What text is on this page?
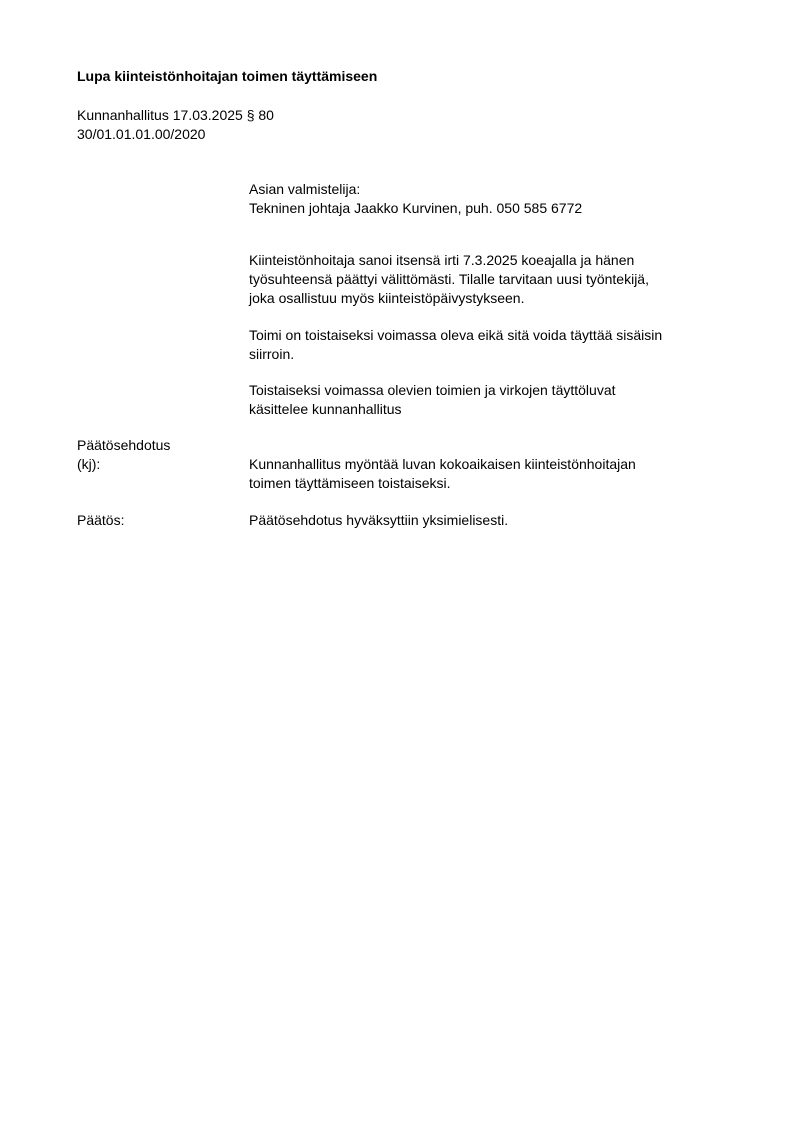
Lupa kiinteistönhoitajan toimen täyttämiseen
Kunnanhallitus 17.03.2025 § 80
30/01.01.01.00/2020
Asian valmistelija:
Tekninen johtaja Jaakko Kurvinen, puh. 050 585 6772
Kiinteistönhoitaja sanoi itsensä irti 7.3.2025 koeajalla ja hänen
työsuhteensä päättyi välittömästi. Tilalle tarvitaan uusi työntekijä,
joka osallistuu myös kiinteistöpäivystykseen.
Toimi on toistaiseksi voimassa oleva eikä sitä voida täyttää sisäisin
siirroin.
Toistaiseksi voimassa olevien toimien ja virkojen täyttöluvat
käsittelee kunnanhallitus
Päätösehdotus
(kj):	Kunnanhallitus myöntää luvan kokoaikaisen kiinteistönhoitajan
toimen täyttämiseen toistaiseksi.
Päätös:	Päätösehdotus hyväksyttiin yksimielisesti.
